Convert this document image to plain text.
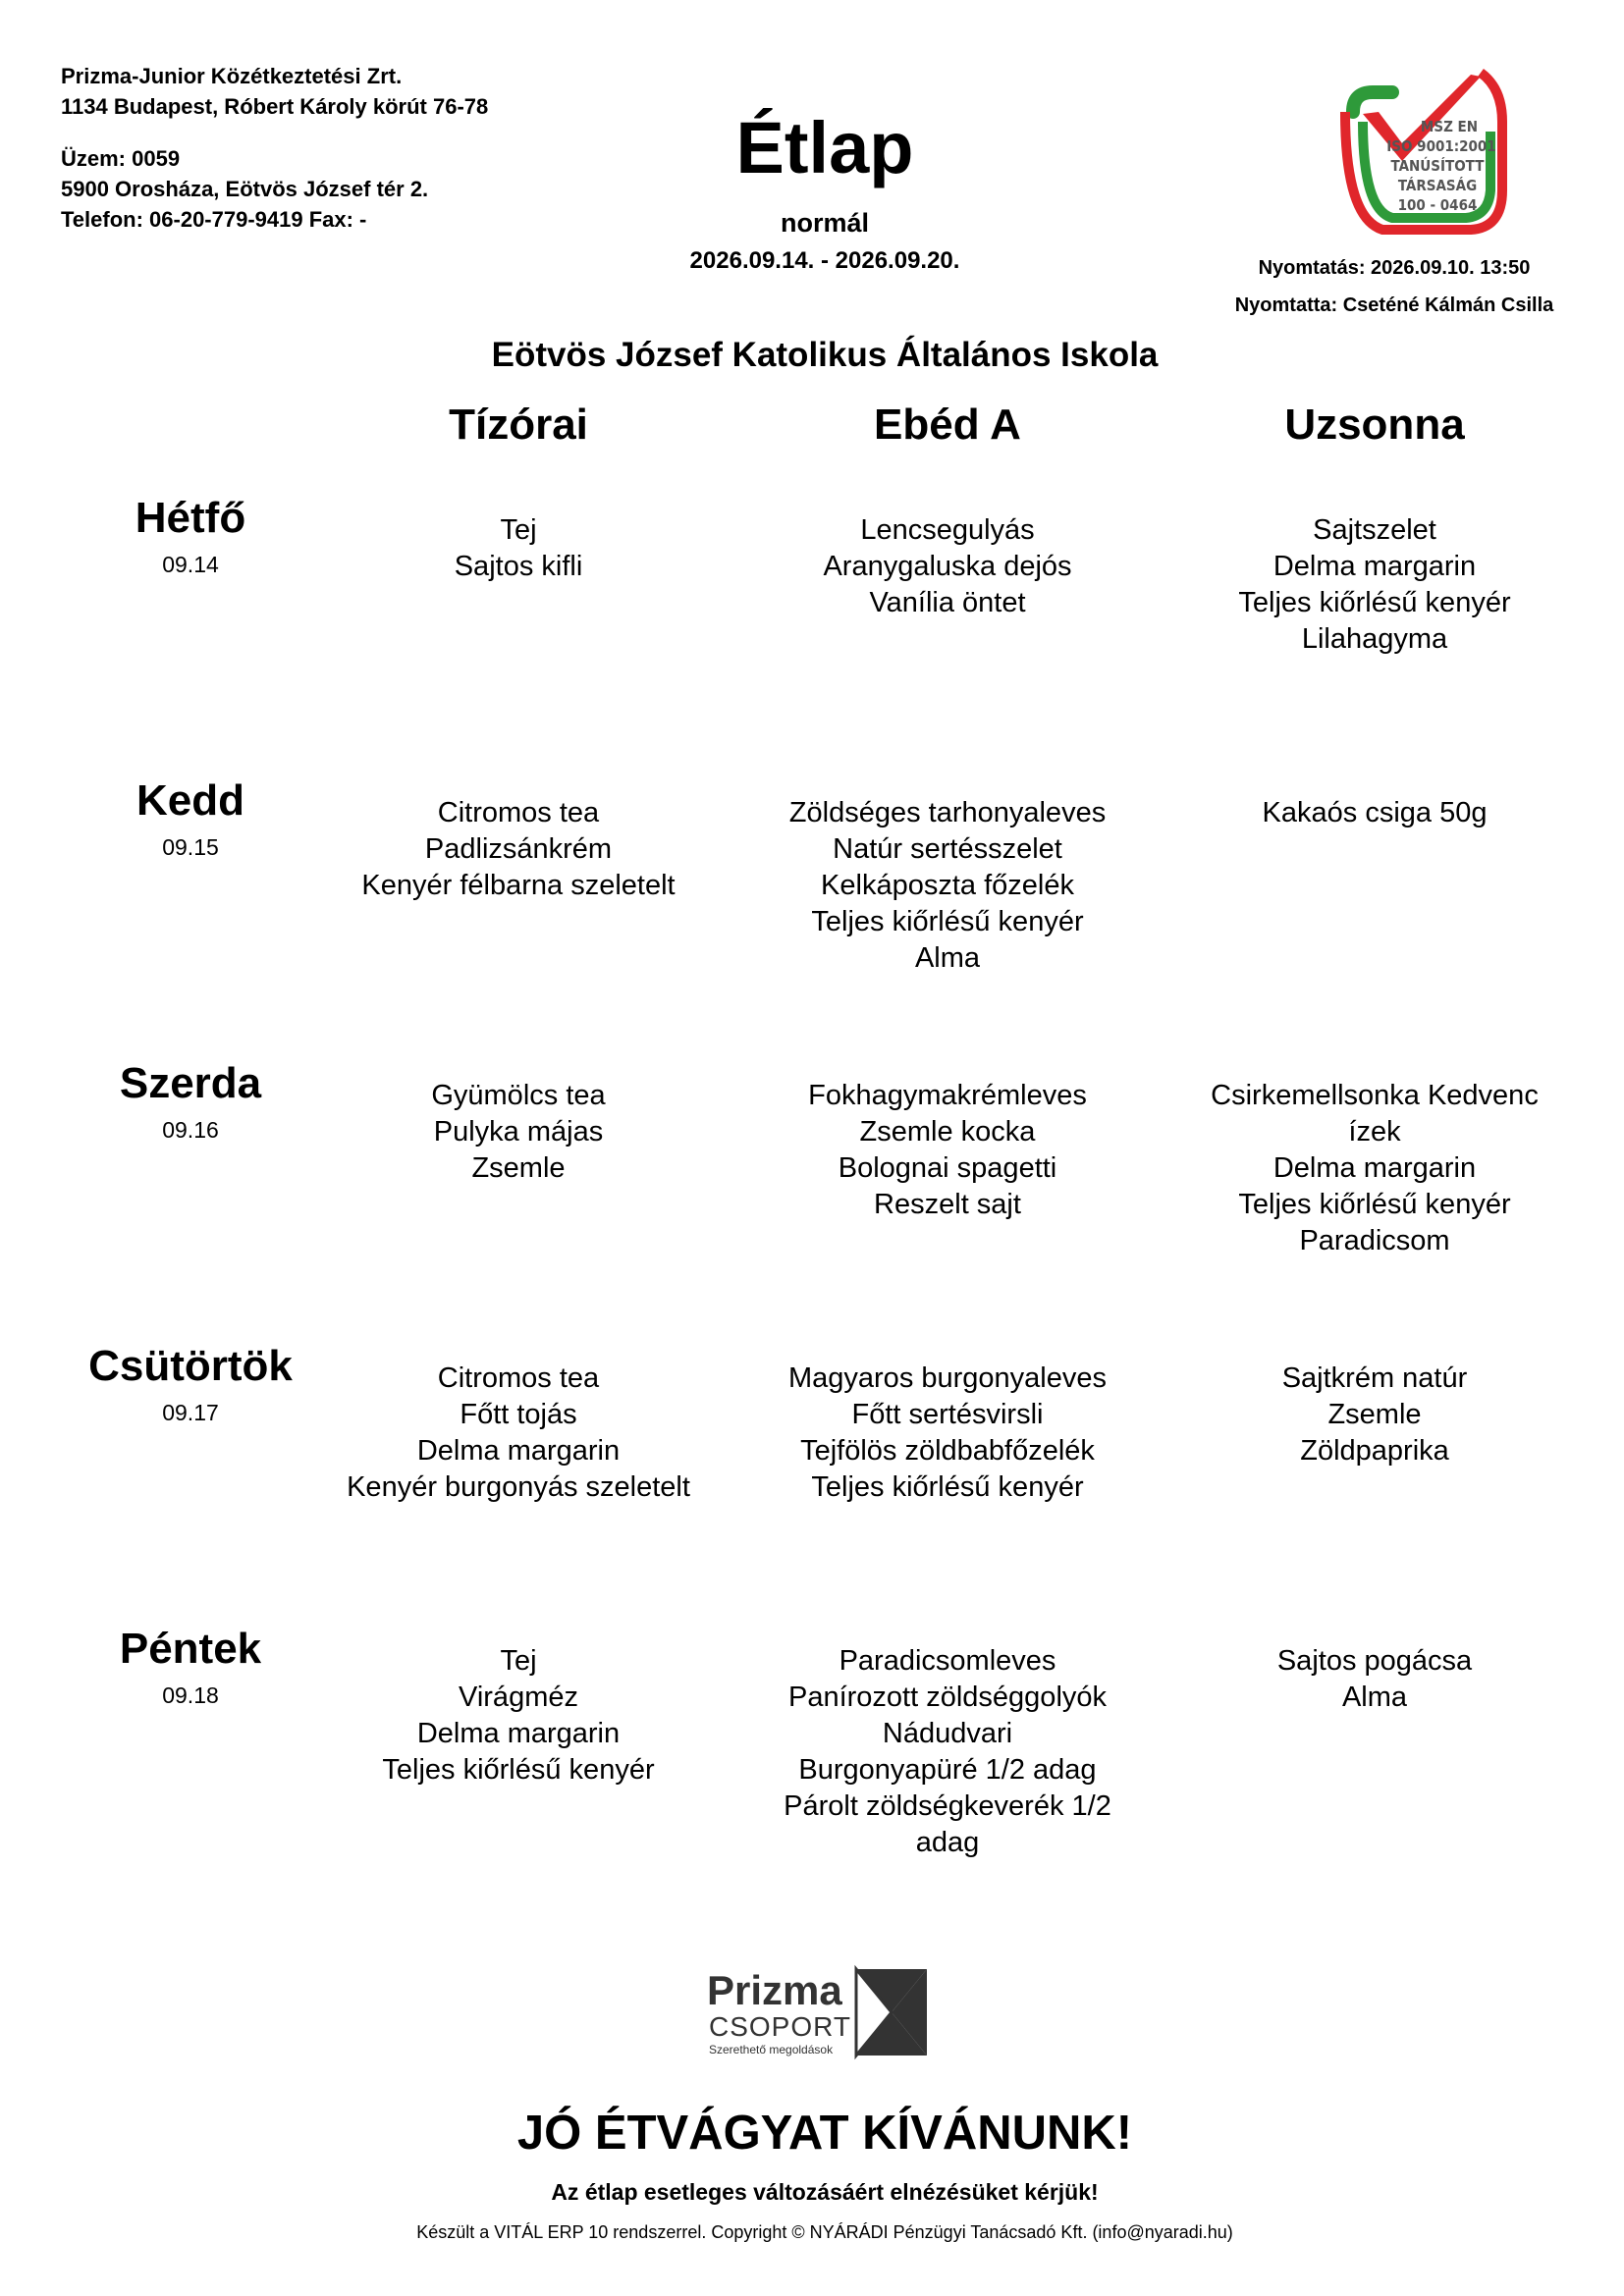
Prizma-Junior Közétkeztetési Zrt.
1134 Budapest, Róbert Károly körút 76-78
Üzem: 0059
5900 Orosháza, Eötvös József tér 2.
Telefon: 06-20-779-9419 Fax: -
Étlap
normál
2026.09.14. - 2026.09.20.
MSZ EN
ISO 9001:2001
TANÚSÍTOTT
TÁRSASÁG
100 - 0464
Nyomtatás: 2026.09.10. 13:50
Nyomtatta: Cseténé Kálmán Csilla
Eötvös József Katolikus Általános Iskola
Tízórai	Ebéd A	Uzsonna
Hétfő
09.14
Tej
Sajtos kifli
Lencsegulyás
Aranygaluska dejós
Vanília öntet
Sajtszelet
Delma margarin
Teljes kiőrlésű kenyér
Lilahagyma
Kedd
09.15
Citromos tea
Padlizsánkrém
Kenyér félbarna szeletelt
Zöldséges tarhonyaleves
Natúr sertésszelet
Kelkáposzta főzelék
Teljes kiőrlésű kenyér
Alma
Kakaós csiga 50g
Szerda
09.16
Gyümölcs tea
Pulyka májas
Zsemle
Fokhagymakrémleves
Zsemle kocka
Bolognai spagetti
Reszelt sajt
Csirkemellsonka Kedvenc
ízek
Delma margarin
Teljes kiőrlésű kenyér
Paradicsom
Csütörtök
09.17
Citromos tea
Főtt tojás
Delma margarin
Kenyér burgonyás szeletelt
Magyaros burgonyaleves
Főtt sertésvirsli
Tejfölös zöldbabfőzelék
Teljes kiőrlésű kenyér
Sajtkrém natúr
Zsemle
Zöldpaprika
Péntek
09.18
Tej
Virágméz
Delma margarin
Teljes kiőrlésű kenyér
Paradicsomleves
Panírozott zöldséggolyók
Nádudvari
Burgonyapüré 1/2 adag
Párolt zöldségkeverék 1/2
adag
Sajtos pogácsa
Alma
Prizma
CSOPORT
Szerethető megoldások
JÓ ÉTVÁGYAT KÍVÁNUNK!
Az étlap esetleges változásáért elnézésüket kérjük!
Készült a VITÁL ERP 10 rendszerrel. Copyright © NYÁRÁDI Pénzügyi Tanácsadó Kft. (info@nyaradi.hu)
